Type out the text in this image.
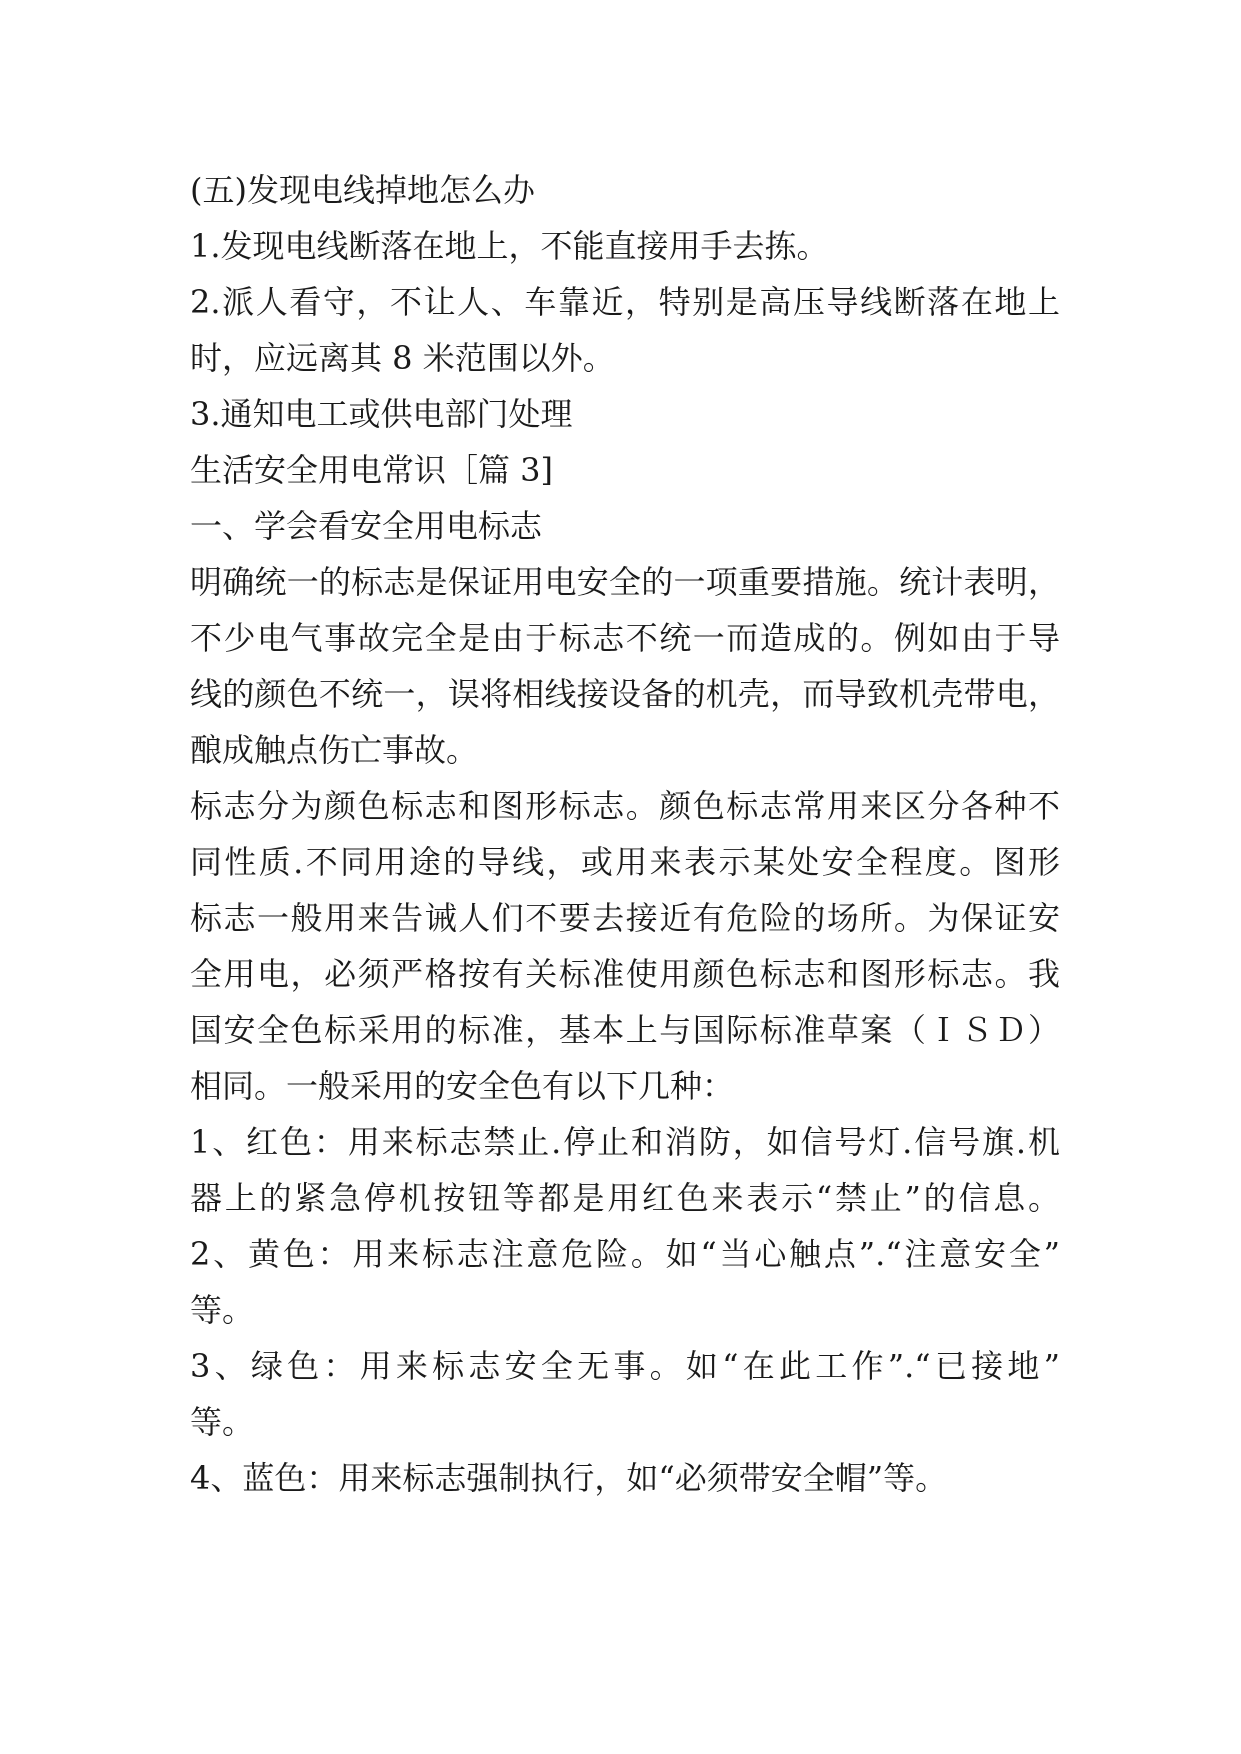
(五)发现电线掉地怎么办
1.发现电线断落在地上，不能直接用手去拣。
2.派人看守，不让人、车靠近，特别是高压导线断落在地上
时，应远离其 8 米范围以外。
3.通知电工或供电部门处理
生活安全用电常识［篇 3]
一、学会看安全用电标志
明确统一的标志是保证用电安全的一项重要措施。统计表明，
不少电气事故完全是由于标志不统一而造成的。例如由于导
线的颜色不统一，误将相线接设备的机壳，而导致机壳带电，
酿成触点伤亡事故。
标志分为颜色标志和图形标志。颜色标志常用来区分各种不
同性质.不同用途的导线，或用来表示某处安全程度。图形
标志一般用来告诫人们不要去接近有危险的场所。为保证安
全用电，必须严格按有关标准使用颜色标志和图形标志。我
国安全色标采用的标准，基本上与国际标准草案（ＩＳＤ）
相同。一般采用的安全色有以下几种：
1、红色：用来标志禁止.停止和消防，如信号灯.信号旗.机
器上的紧急停机按钮等都是用红色来表示“禁止”的信息。
2、黄色：用来标志注意危险。如“当心触点”.“注意安全”
等。
3、绿色：用来标志安全无事。如“在此工作”.“已接地”
等。
4、蓝色：用来标志强制执行，如“必须带安全帽”等。
